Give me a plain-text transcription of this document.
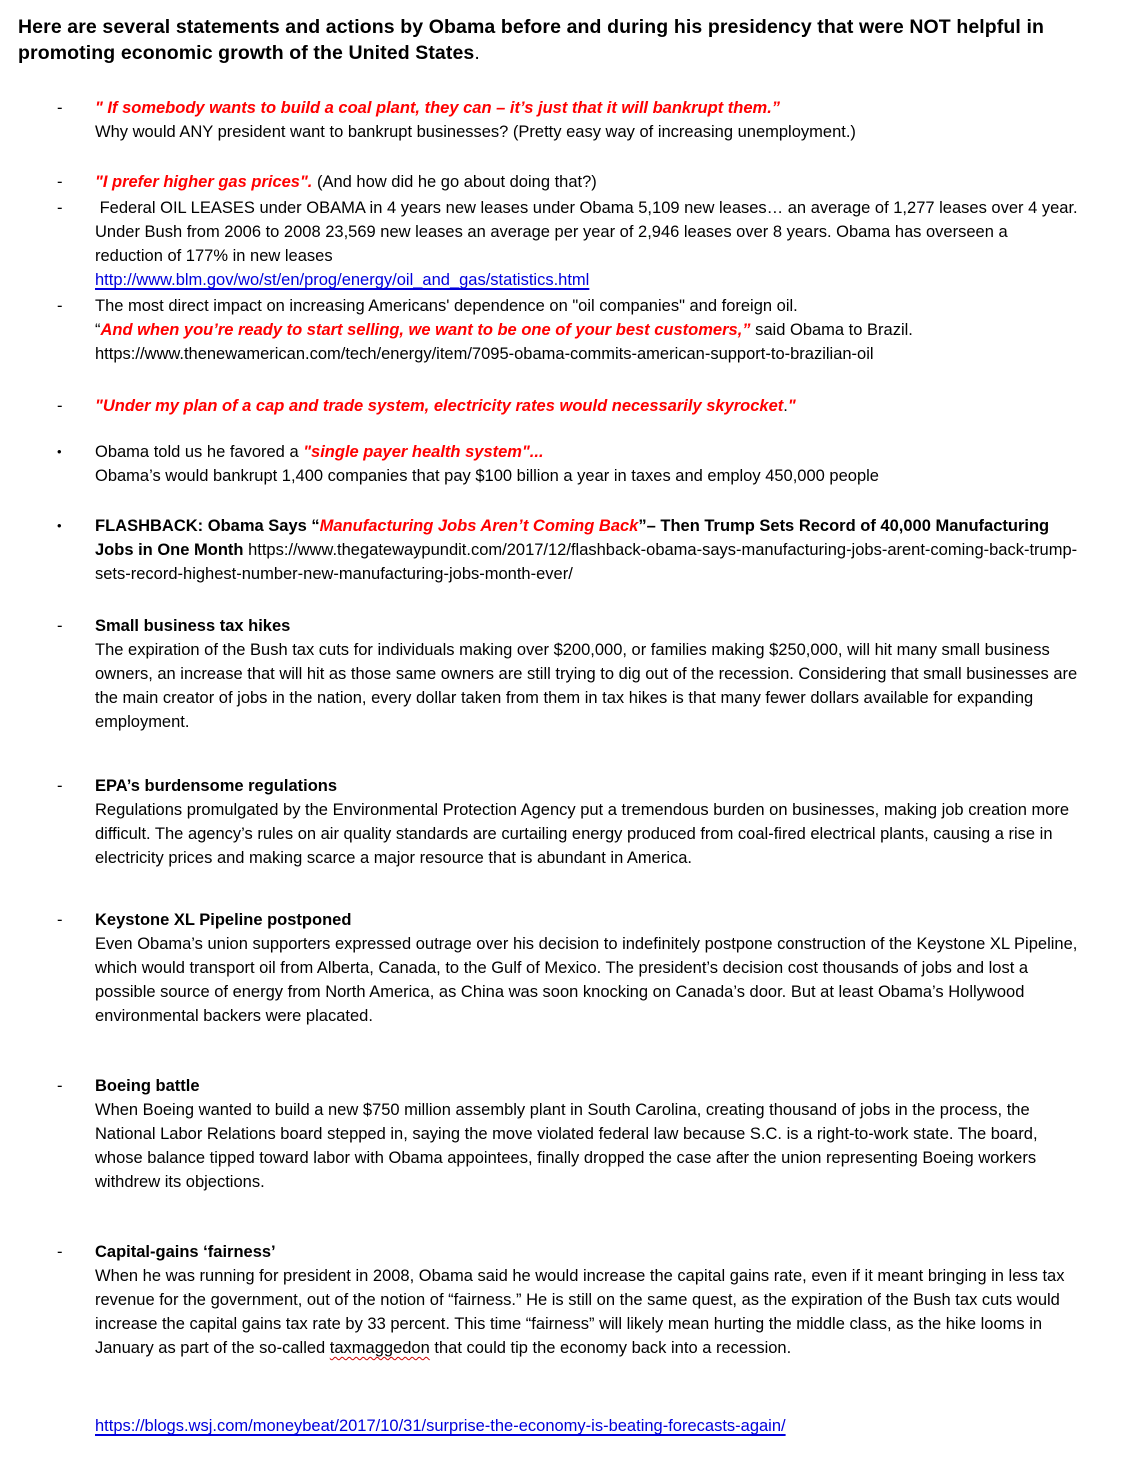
Here are several statements and actions by Obama before and during his presidency that were NOT helpful in promoting economic growth of the United States.
-	" If somebody wants to build a coal plant, they can – it’s just that it will bankrupt them.”
Why would ANY president want to bankrupt businesses? (Pretty easy way of increasing unemployment.)
-	"I prefer higher gas prices". (And how did he go about doing that?)
-	Federal OIL LEASES under OBAMA in 4 years new leases under Obama 5,109 new leases… an average of 1,277 leases over 4 year. Under Bush from 2006 to 2008 23,569 new leases an average per year of 2,946 leases over 8 years. Obama has overseen a reduction of 177% in new leases
http://www.blm.gov/wo/st/en/prog/energy/oil_and_gas/statistics.html
-	The most direct impact on increasing Americans' dependence on "oil companies" and foreign oil.
“And when you’re ready to start selling, we want to be one of your best customers,” said Obama to Brazil.
https://www.thenewamerican.com/tech/energy/item/7095-obama-commits-american-support-to-brazilian-oil
-	"Under my plan of a cap and trade system, electricity rates would necessarily skyrocket."
•	Obama told us he favored a "single payer health system"...
Obama’s would bankrupt 1,400 companies that pay $100 billion a year in taxes and employ 450,000 people
•	FLASHBACK: Obama Says “Manufacturing Jobs Aren’t Coming Back”– Then Trump Sets Record of 40,000 Manufacturing Jobs in One Month https://www.thegatewaypundit.com/2017/12/flashback-obama-says-manufacturing-jobs-arent-coming-back-trump-sets-record-highest-number-new-manufacturing-jobs-month-ever/
-	Small business tax hikes
The expiration of the Bush tax cuts for individuals making over $200,000, or families making $250,000, will hit many small business owners, an increase that will hit as those same owners are still trying to dig out of the recession. Considering that small businesses are the main creator of jobs in the nation, every dollar taken from them in tax hikes is that many fewer dollars available for expanding employment.
-	EPA’s burdensome regulations
Regulations promulgated by the Environmental Protection Agency put a tremendous burden on businesses, making job creation more difficult. The agency’s rules on air quality standards are curtailing energy produced from coal-fired electrical plants, causing a rise in electricity prices and making scarce a major resource that is abundant in America.
-	Keystone XL Pipeline postponed
Even Obama’s union supporters expressed outrage over his decision to indefinitely postpone construction of the Keystone XL Pipeline, which would transport oil from Alberta, Canada, to the Gulf of Mexico. The president’s decision cost thousands of jobs and lost a possible source of energy from North America, as China was soon knocking on Canada’s door. But at least Obama’s Hollywood environmental backers were placated.
-	Boeing battle
When Boeing wanted to build a new $750 million assembly plant in South Carolina, creating thousand of jobs in the process, the National Labor Relations board stepped in, saying the move violated federal law because S.C. is a right-to-work state. The board, whose balance tipped toward labor with Obama appointees, finally dropped the case after the union representing Boeing workers withdrew its objections.
-	Capital-gains ‘fairness’
When he was running for president in 2008, Obama said he would increase the capital gains rate, even if it meant bringing in less tax revenue for the government, out of the notion of “fairness.” He is still on the same quest, as the expiration of the Bush tax cuts would increase the capital gains tax rate by 33 percent. This time “fairness” will likely mean hurting the middle class, as the hike looms in January as part of the so-called taxmaggedon that could tip the economy back into a recession.
https://blogs.wsj.com/moneybeat/2017/10/31/surprise-the-economy-is-beating-forecasts-again/
